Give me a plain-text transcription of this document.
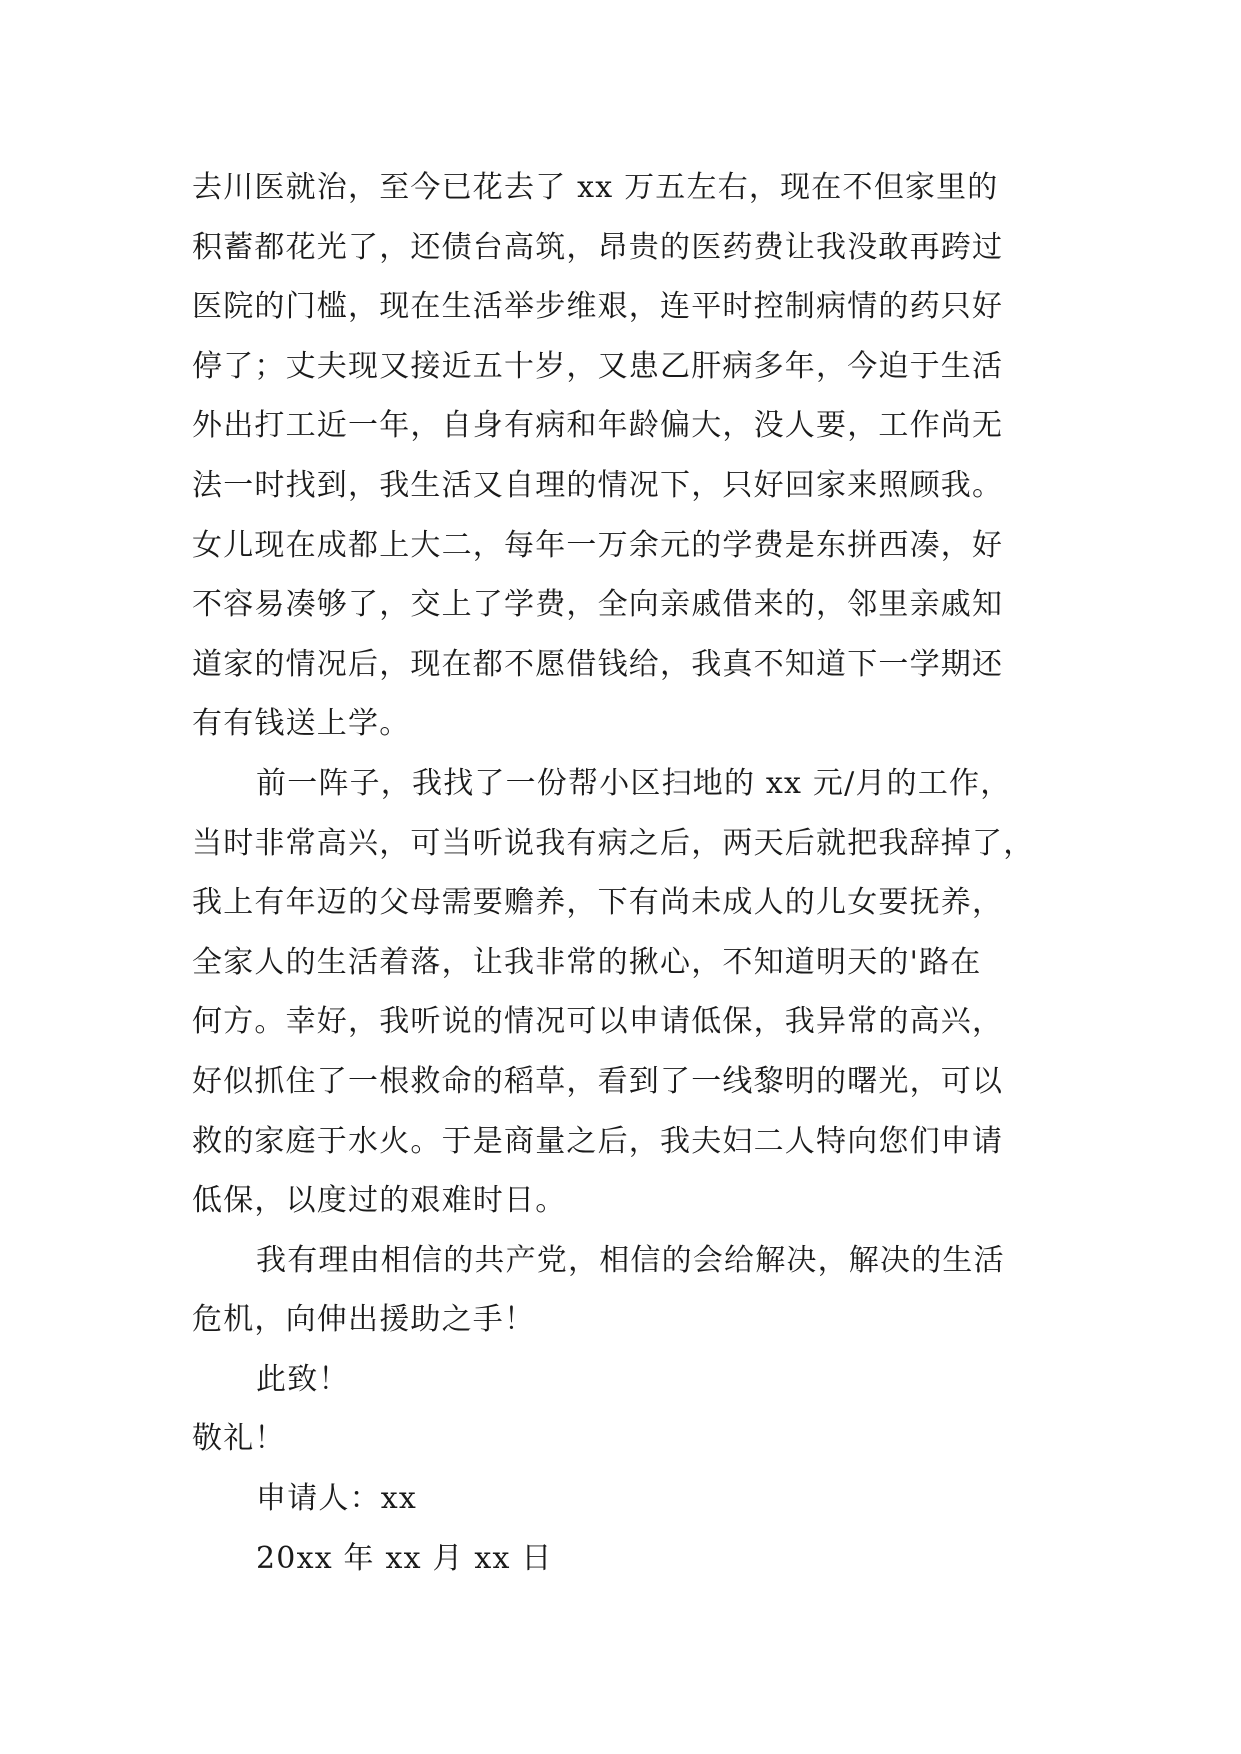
去川医就治，至今已花去了 xx 万五左右，现在不但家里的
积蓄都花光了，还债台高筑，昂贵的医药费让我没敢再跨过
医院的门槛，现在生活举步维艰，连平时控制病情的药只好
停了；丈夫现又接近五十岁，又患乙肝病多年，今迫于生活
外出打工近一年，自身有病和年龄偏大，没人要，工作尚无
法一时找到，我生活又自理的情况下，只好回家来照顾我。
女儿现在成都上大二，每年一万余元的学费是东拼西凑，好
不容易凑够了，交上了学费，全向亲戚借来的，邻里亲戚知
道家的情况后，现在都不愿借钱给，我真不知道下一学期还
有有钱送上学。
前一阵子，我找了一份帮小区扫地的 xx 元/月的工作，
当时非常高兴，可当听说我有病之后，两天后就把我辞掉了，
我上有年迈的父母需要赡养，下有尚未成人的儿女要抚养，
全家人的生活着落，让我非常的揪心，不知道明天的'路在
何方。幸好，我听说的情况可以申请低保，我异常的高兴，
好似抓住了一根救命的稻草，看到了一线黎明的曙光，可以
救的家庭于水火。于是商量之后，我夫妇二人特向您们申请
低保，以度过的艰难时日。
我有理由相信的共产党，相信的会给解决，解决的生活
危机，向伸出援助之手！
此致！
敬礼！
申请人：xx
20xx 年 xx 月 xx 日
